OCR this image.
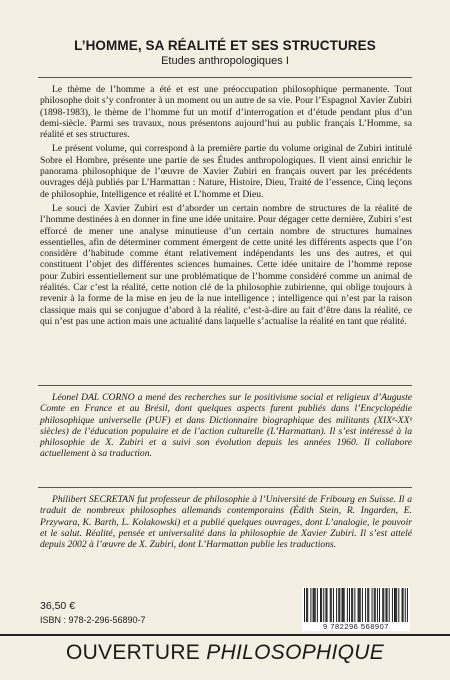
L’HOMME, SA RÉALITÉ ET SES STRUCTURES
Etudes anthropologiques I

Le thème de l’homme a été et est une préoccupation philosophique permanente. Tout philosophe doit s’y confronter à un moment ou un autre de sa vie. Pour l’Espagnol Xavier Zubiri (1898-1983), le thème de l’homme fut un motif d’interrogation et d’étude pendant plus d’un demi-siècle. Parmi ses travaux, nous présentons aujourd’hui au public français L’Homme, sa réalité et ses structures.

Le présent volume, qui correspond à la première partie du volume original de Zubiri intitulé Sobre el Hombre, présente une partie de ses Études anthropologiques. Il vient ainsi enrichir le panorama philosophique de l’œuvre de Xavier Zubiri en français ouvert par les précédents ouvrages déjà publiés par L’Harmattan : Nature, Histoire, Dieu, Traité de l’essence, Cinq leçons de philosophie, Intelligence et réalité et L’homme et Dieu.

Le souci de Xavier Zubiri est d’aborder un certain nombre de structures de la réalité de l’homme destinées à en donner in fine une idée unitaire. Pour dégager cette dernière, Zubiri s’est efforcé de mener une analyse minutieuse d’un certain nombre de structures humaines essentielles, afin de déterminer comment émergent de cette unité les différents aspects que l’on considère d’habitude comme étant relativement indépendants les uns des autres, et qui constituent l’objet des différentes sciences humaines. Cette idée unitaire de l’homme repose pour Zubiri essentiellement sur une problématique de l’homme considéré comme un animal de réalités. Car c’est la réalité, cette notion clé de la philosophie zubirienne, qui oblige toujours à revenir à la forme de la mise en jeu de la nue intelligence ; intelligence qui n’est par la raison classique mais qui se conjugue d’abord à la réalité, c’est-à-dire au fait d’être dans la réalité, ce qui n’est pas une action mais une actualité dans laquelle s’actualise la réalité en tant que réalité.

Léonel DAL CORNO a mené des recherches sur le positivisme social et religieux d’Auguste Comte en France et au Brésil, dont quelques aspects furent publiés dans l’Encyclopédie philosophique universelle (PUF) et dans Dictionnaire biographique des militants (XIXᵉ-XXᵉ siècles) de l’éducation populaire et de l’action culturelle (L’Harmattan). Il s’est intéressé à la philosophie de X. Zubiri et a suivi son évolution depuis les années 1960. Il collabore actuellement à sa traduction.

Philibert SECRETAN fut professeur de philosophie à l’Université de Fribourg en Suisse. Il a traduit de nombreux philosophes allemands contemporains (Édith Stein, R. Ingarden, E. Przywara, K. Barth, L. Kolakowski) et a publié quelques ouvrages, dont L’analogie, le pouvoir et le salut. Réalité, pensée et universalité dans la philosophie de Xavier Zubiri. Il s’est attelé depuis 2002 à l’œuvre de X. Zubiri, dont L’Harmattan publie les traductions.

36,50 €
ISBN : 978-2-296-56890-7
9 782296 568907
OUVERTURE PHILOSOPHIQUE
